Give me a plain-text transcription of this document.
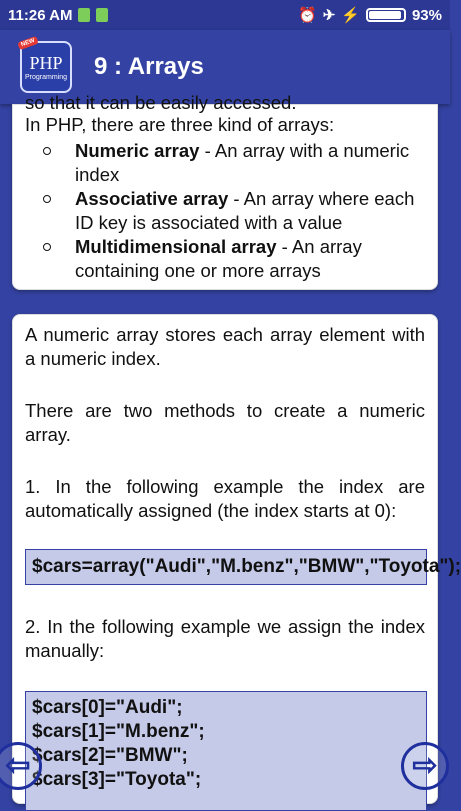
11:26 AM	⏰ ✈ ⚡	93%
NEW
PHP
Programming 9 : Arrays

so that it can be easily accessed.

In PHP, there are three kind of arrays:

Numeric array - An array with a numeric index
Associative array - An array where each ID key is associated with a value
Multidimensional array - An array containing one or more arrays

A numeric array stores each array element with a numeric index.

There are two methods to create a numeric array.

1. In the following example the index are automatically assigned (the index starts at 0):

$cars=array("Audi","M.benz","BMW","Toyota");

2. In the following example we assign the index manually:

$cars[0]="Audi";
$cars[1]="M.benz";
$cars[2]="BMW";
$cars[3]="Toyota";
⇦	⇨
